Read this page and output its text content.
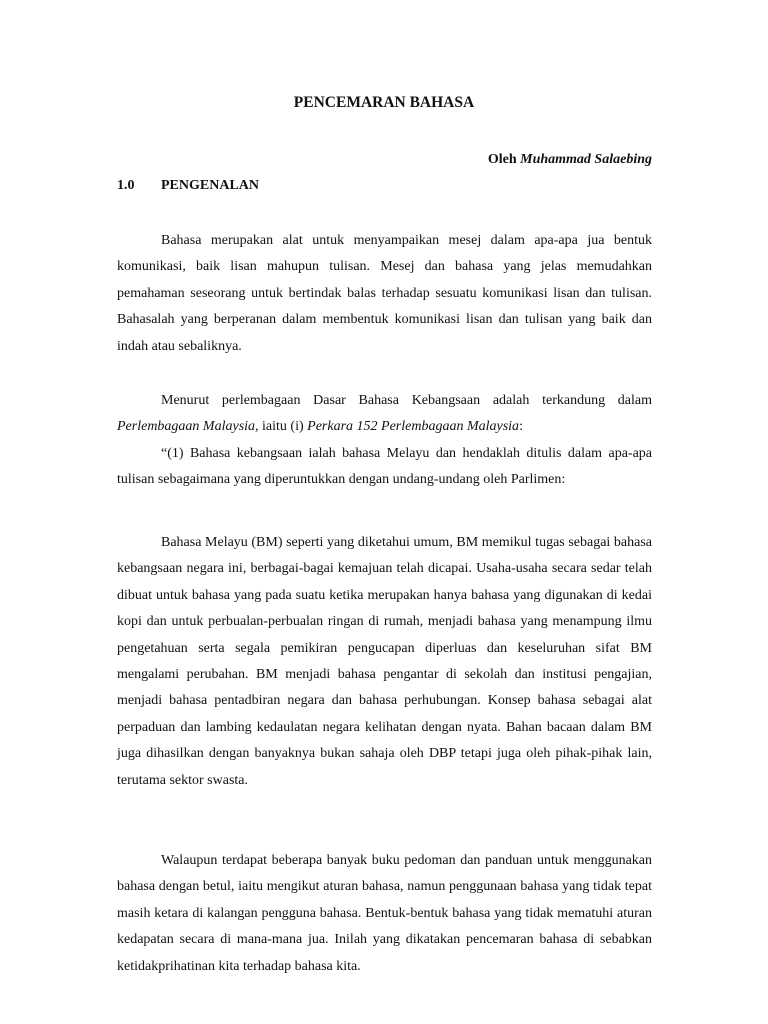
PENCEMARAN BAHASA
Oleh Muhammad Salaebing
1.0 PENGENALAN

Bahasa merupakan alat untuk menyampaikan mesej dalam apa-apa jua bentuk komunikasi, baik lisan mahupun tulisan. Mesej dan bahasa yang jelas memudahkan pemahaman seseorang untuk bertindak balas terhadap sesuatu komunikasi lisan dan tulisan. Bahasalah yang berperanan dalam membentuk komunikasi lisan dan tulisan yang baik dan indah atau sebaliknya.

Menurut perlembagaan Dasar Bahasa Kebangsaan adalah terkandung dalam
Perlembagaan Malaysia, iaitu (i) Perkara 152 Perlembagaan Malaysia:
“(1) Bahasa kebangsaan ialah bahasa Melayu dan hendaklah ditulis dalam apa-apa tulisan sebagaimana yang diperuntukkan dengan undang-undang oleh Parlimen:

Bahasa Melayu (BM) seperti yang diketahui umum, BM memikul tugas sebagai bahasa kebangsaan negara ini, berbagai-bagai kemajuan telah dicapai. Usaha-usaha secara sedar telah dibuat untuk bahasa yang pada suatu ketika merupakan hanya bahasa yang digunakan di kedai kopi dan untuk perbualan-perbualan ringan di rumah, menjadi bahasa yang menampung ilmu pengetahuan serta segala pemikiran pengucapan diperluas dan keseluruhan sifat BM mengalami perubahan. BM menjadi bahasa pengantar di sekolah dan institusi pengajian, menjadi bahasa pentadbiran negara dan bahasa perhubungan. Konsep bahasa sebagai alat perpaduan dan lambing kedaulatan negara kelihatan dengan nyata. Bahan bacaan dalam BM juga dihasilkan dengan banyaknya bukan sahaja oleh DBP tetapi juga oleh pihak-pihak lain, terutama sektor swasta.

Walaupun terdapat beberapa banyak buku pedoman dan panduan untuk menggunakan bahasa dengan betul, iaitu mengikut aturan bahasa, namun penggunaan bahasa yang tidak tepat masih ketara di kalangan pengguna bahasa. Bentuk-bentuk bahasa yang tidak mematuhi aturan kedapatan secara di mana-mana jua. Inilah yang dikatakan pencemaran bahasa di sebabkan ketidakprihatinan kita terhadap bahasa kita.
